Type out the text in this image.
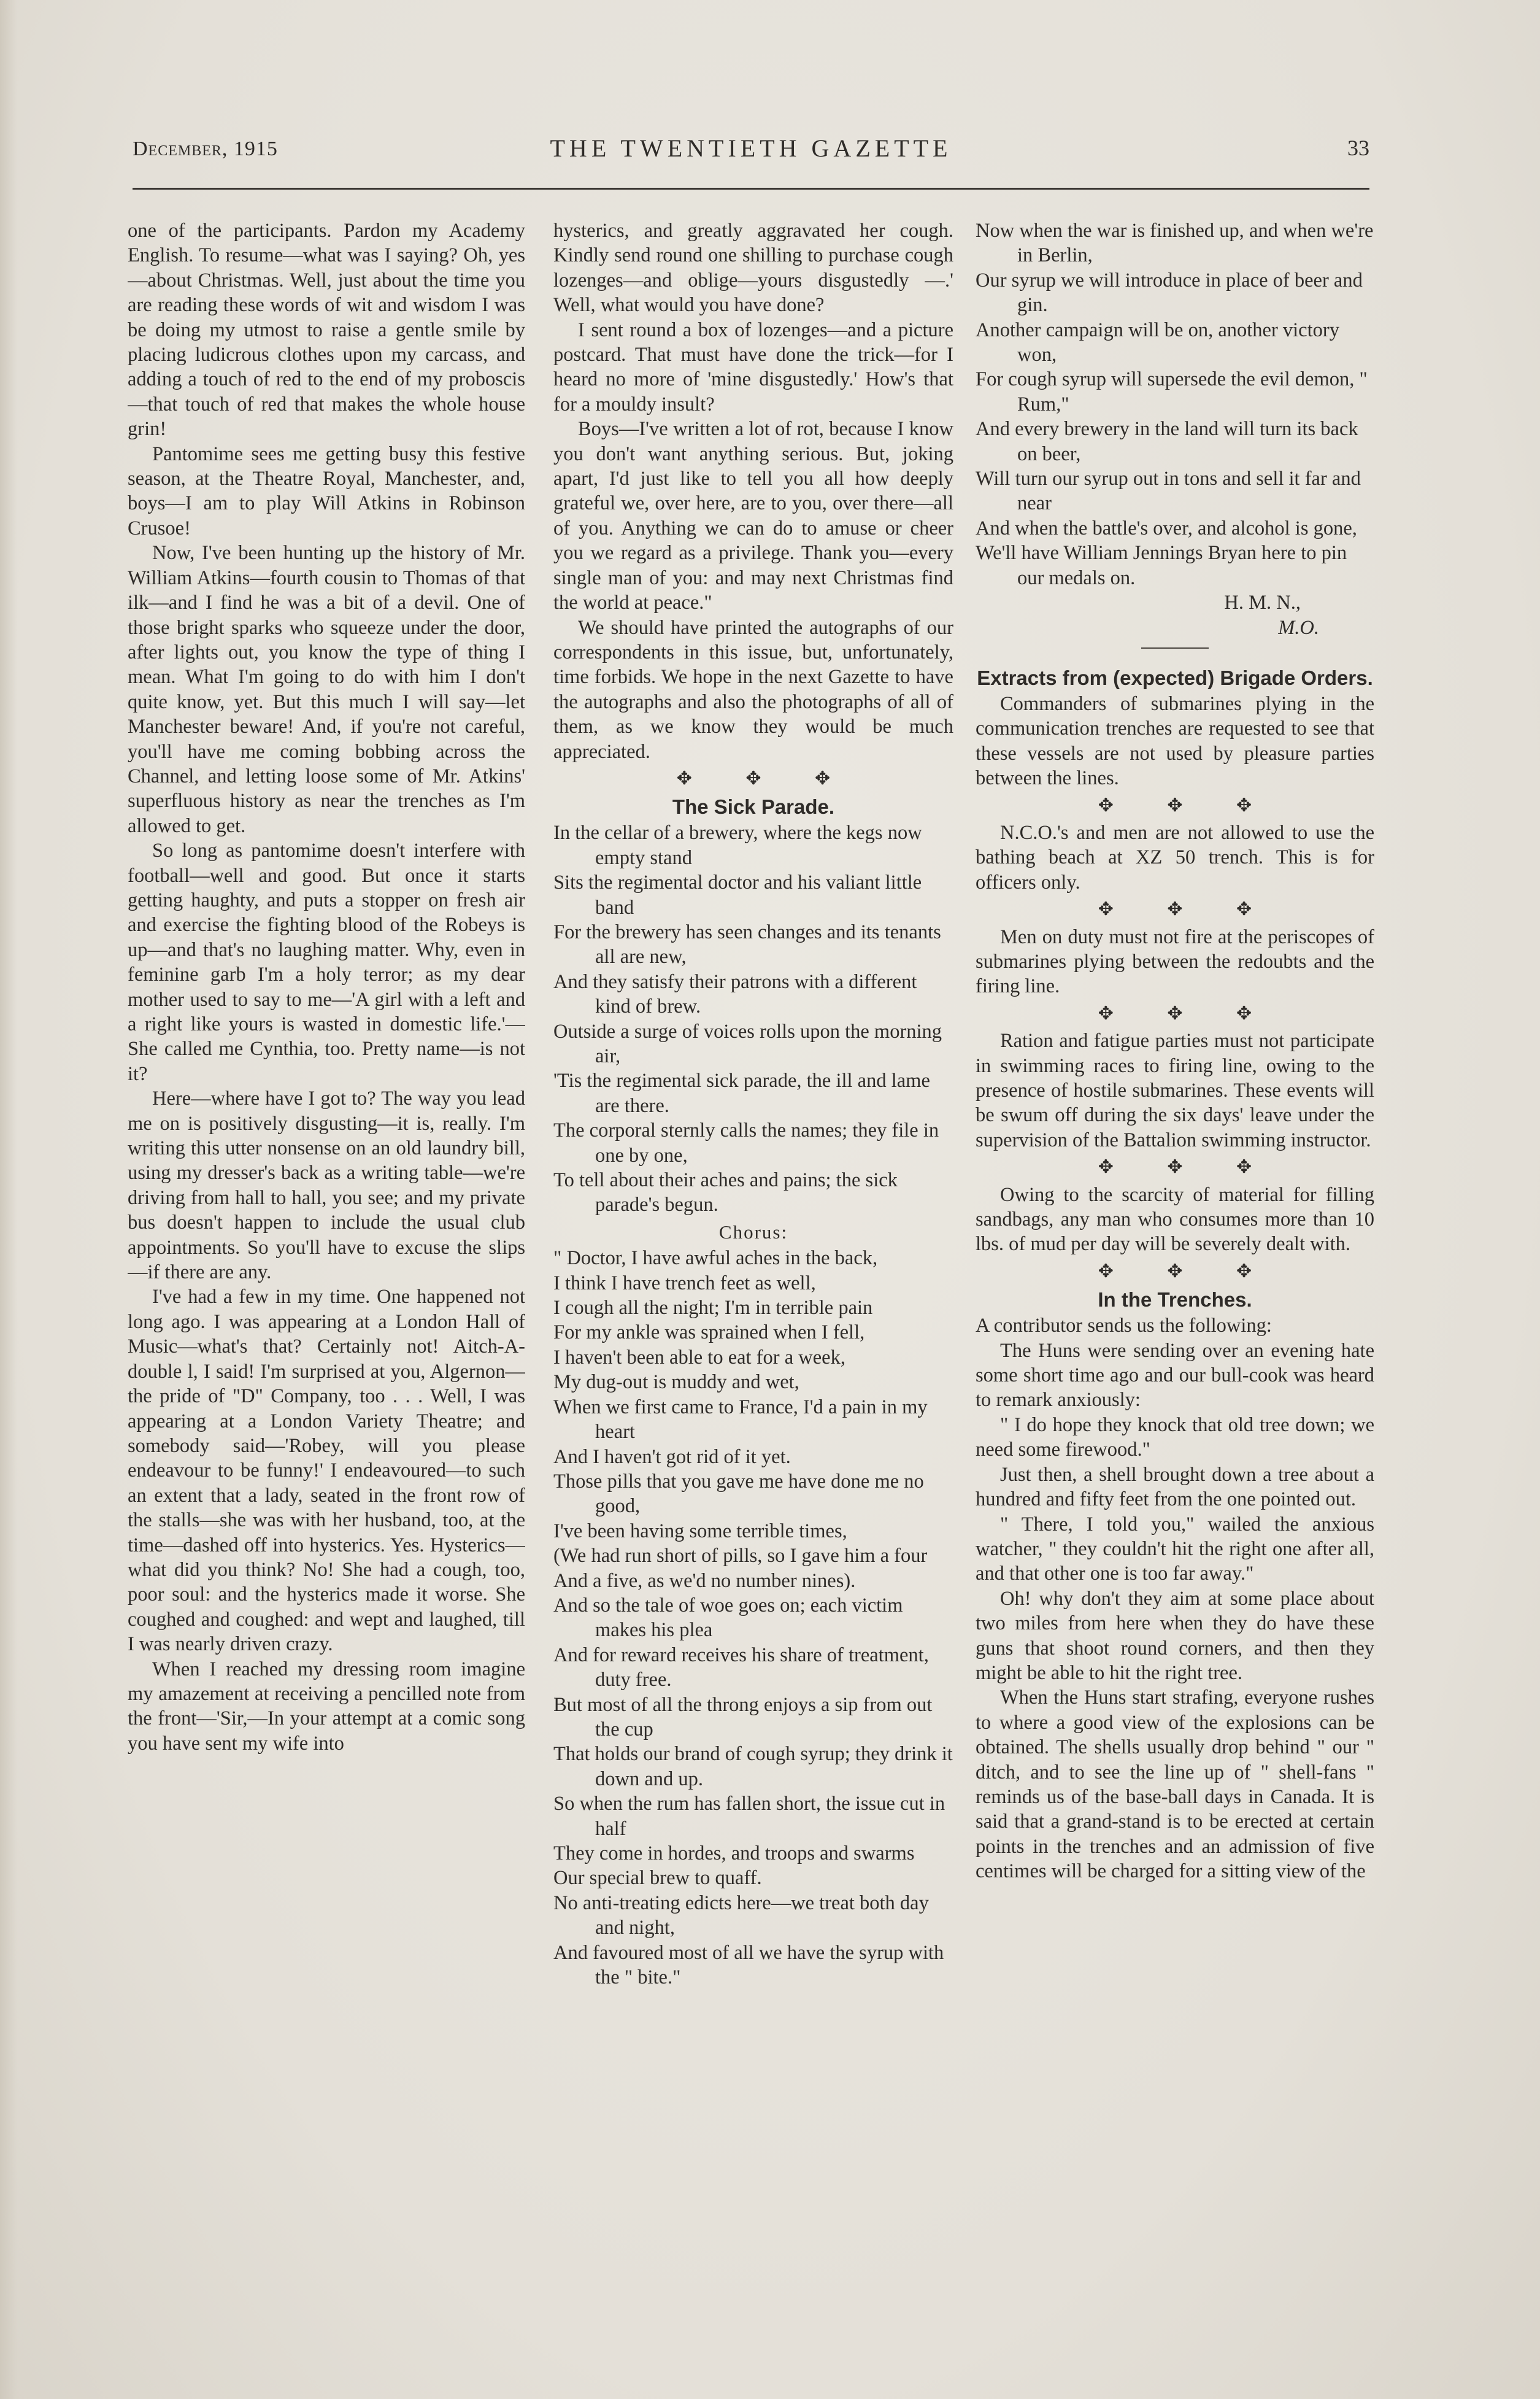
December, 1915	THE TWENTIETH GAZETTE	33

one of the participants. Pardon my Academy English. To resume—what was I saying? Oh, yes—about Christmas. Well, just about the time you are reading these words of wit and wisdom I was be doing my utmost to raise a gentle smile by placing ludicrous clothes upon my carcass, and adding a touch of red to the end of my proboscis—that touch of red that makes the whole house grin!

Pantomime sees me getting busy this festive season, at the Theatre Royal, Manchester, and, boys—I am to play Will Atkins in Robinson Crusoe!

Now, I've been hunting up the history of Mr. William Atkins—fourth cousin to Thomas of that ilk—and I find he was a bit of a devil. One of those bright sparks who squeeze under the door, after lights out, you know the type of thing I mean. What I'm going to do with him I don't quite know, yet. But this much I will say—let Manchester beware! And, if you're not careful, you'll have me coming bobbing across the Channel, and letting loose some of Mr. Atkins' superfluous history as near the trenches as I'm allowed to get.

So long as pantomime doesn't interfere with football—well and good. But once it starts getting haughty, and puts a stopper on fresh air and exercise the fighting blood of the Robeys is up—and that's no laughing matter. Why, even in feminine garb I'm a holy terror; as my dear mother used to say to me—'A girl with a left and a right like yours is wasted in domestic life.'—She called me Cynthia, too. Pretty name—is not it?

Here—where have I got to? The way you lead me on is positively disgusting—it is, really. I'm writing this utter nonsense on an old laundry bill, using my dresser's back as a writing table—we're driving from hall to hall, you see; and my private bus doesn't happen to include the usual club appointments. So you'll have to excuse the slips—if there are any.

I've had a few in my time. One happened not long ago. I was appearing at a London Hall of Music—what's that? Certainly not! Aitch-A-double l, I said! I'm surprised at you, Algernon—the pride of "D" Company, too . . . Well, I was appearing at a London Variety Theatre; and somebody said—'Robey, will you please endeavour to be funny!' I endeavoured—to such an extent that a lady, seated in the front row of the stalls—she was with her husband, too, at the time—dashed off into hysterics. Yes. Hysterics—what did you think? No! She had a cough, too, poor soul: and the hysterics made it worse. She coughed and coughed: and wept and laughed, till I was nearly driven crazy.

When I reached my dressing room imagine my amazement at receiving a pencilled note from the front—'Sir,—In your attempt at a comic song you have sent my wife into

hysterics, and greatly aggravated her cough. Kindly send round one shilling to purchase cough lozenges—and oblige—yours disgustedly —.' Well, what would you have done?

I sent round a box of lozenges—and a picture postcard. That must have done the trick—for I heard no more of 'mine disgustedly.' How's that for a mouldy insult?

Boys—I've written a lot of rot, because I know you don't want anything serious. But, joking apart, I'd just like to tell you all how deeply grateful we, over here, are to you, over there—all of you. Anything we can do to amuse or cheer you we regard as a privilege. Thank you—every single man of you: and may next Christmas find the world at peace."

We should have printed the autographs of our correspondents in this issue, but, unfortunately, time forbids. We hope in the next Gazette to have the autographs and also the photographs of all of them, as we know they would be much appreciated.

✥ ✥ ✥
The Sick Parade.

In the cellar of a brewery, where the kegs now empty stand

Sits the regimental doctor and his valiant little band

For the brewery has seen changes and its tenants all are new,

And they satisfy their patrons with a different kind of brew.

Outside a surge of voices rolls upon the morning air,

'Tis the regimental sick parade, the ill and lame are there.

The corporal sternly calls the names; they file in one by one,

To tell about their aches and pains; the sick parade's begun.

Chorus:

" Doctor, I have awful aches in the back,

I think I have trench feet as well,

I cough all the night; I'm in terrible pain

For my ankle was sprained when I fell,

I haven't been able to eat for a week,

My dug-out is muddy and wet,

When we first came to France, I'd a pain in my heart

And I haven't got rid of it yet.

Those pills that you gave me have done me no good,

I've been having some terrible times,

(We had run short of pills, so I gave him a four

And a five, as we'd no number nines).

And so the tale of woe goes on; each victim makes his plea

And for reward receives his share of treatment, duty free.

But most of all the throng enjoys a sip from out the cup

That holds our brand of cough syrup; they drink it down and up.

So when the rum has fallen short, the issue cut in half

They come in hordes, and troops and swarms

Our special brew to quaff.

No anti-treating edicts here—we treat both day and night,

And favoured most of all we have the syrup with the " bite."

Now when the war is finished up, and when we're in Berlin,

Our syrup we will introduce in place of beer and gin.

Another campaign will be on, another victory won,

For cough syrup will supersede the evil demon, " Rum,"

And every brewery in the land will turn its back on beer,

Will turn our syrup out in tons and sell it far and near

And when the battle's over, and alcohol is gone,

We'll have William Jennings Bryan here to pin our medals on.

H. M. N.,

M.O.

Extracts from (expected) Brigade Orders.

Commanders of submarines plying in the communication trenches are requested to see that these vessels are not used by pleasure parties between the lines.

✥ ✥ ✥

N.C.O.'s and men are not allowed to use the bathing beach at XZ 50 trench. This is for officers only.

✥ ✥ ✥

Men on duty must not fire at the periscopes of submarines plying between the redoubts and the firing line.

✥ ✥ ✥

Ration and fatigue parties must not participate in swimming races to firing line, owing to the presence of hostile submarines. These events will be swum off during the six days' leave under the supervision of the Battalion swimming instructor.

✥ ✥ ✥

Owing to the scarcity of material for filling sandbags, any man who consumes more than 10 lbs. of mud per day will be severely dealt with.

✥ ✥ ✥
In the Trenches.

A contributor sends us the following:

The Huns were sending over an evening hate some short time ago and our bull-cook was heard to remark anxiously:

" I do hope they knock that old tree down; we need some firewood."

Just then, a shell brought down a tree about a hundred and fifty feet from the one pointed out.

" There, I told you," wailed the anxious watcher, " they couldn't hit the right one after all, and that other one is too far away."

Oh! why don't they aim at some place about two miles from here when they do have these guns that shoot round corners, and then they might be able to hit the right tree.

When the Huns start strafing, everyone rushes to where a good view of the explosions can be obtained. The shells usually drop behind " our " ditch, and to see the line up of " shell-fans " reminds us of the base-ball days in Canada. It is said that a grand-stand is to be erected at certain points in the trenches and an admission of five centimes will be charged for a sitting view of the
